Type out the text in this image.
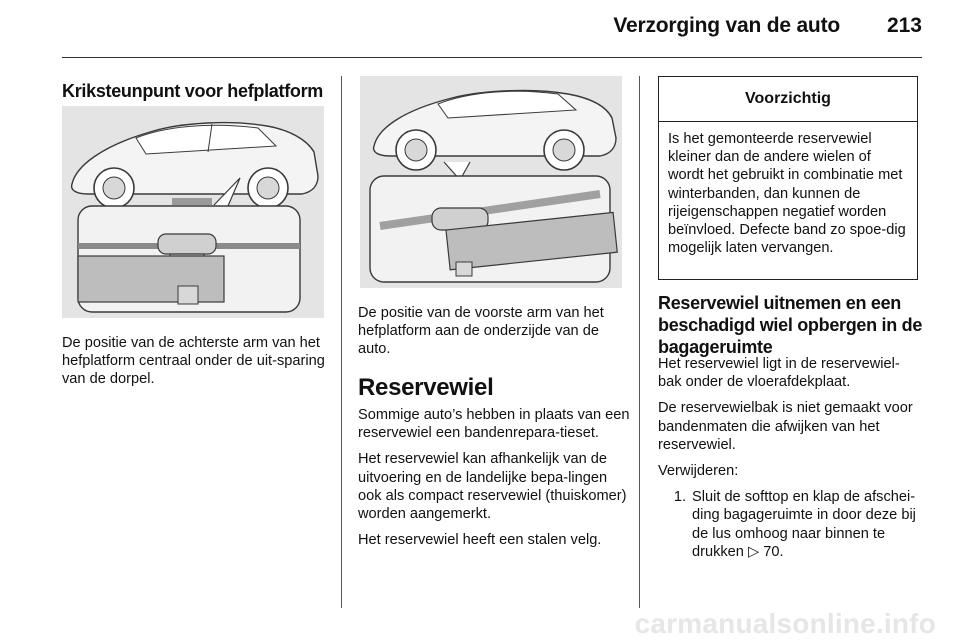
Verzorging van de auto	213
Kriksteunpunt voor hefplatform

De positie van de achterste arm van het hefplatform centraal onder de uit-sparing van de dorpel.

De positie van de voorste arm van het hefplatform aan de onderzijde van de auto.

Reservewiel

Sommige auto’s hebben in plaats van een reservewiel een bandenrepara-tieset.

Het reservewiel kan afhankelijk van de uitvoering en de landelijke bepa-lingen ook als compact reservewiel (thuiskomer) worden aangemerkt.

Het reservewiel heeft een stalen velg.

Voorzichtig
Is het gemonteerde reservewiel kleiner dan de andere wielen of wordt het gebruikt in combinatie met winterbanden, dan kunnen de rijeigenschappen negatief worden beïnvloed. Defecte band zo spoe-dig mogelijk laten vervangen.
Reservewiel uitnemen en een beschadigd wiel opbergen in de bagageruimte

Het reservewiel ligt in de reservewiel-bak onder de vloerafdekplaat.

De reservewielbak is niet gemaakt voor bandenmaten die afwijken van het reservewiel.

Verwijderen:

1. Sluit de softtop en klap de afschei-ding bagageruimte in door deze bij de lus omhoog naar binnen te drukken ▷ 70.
carmanualsonline.info
